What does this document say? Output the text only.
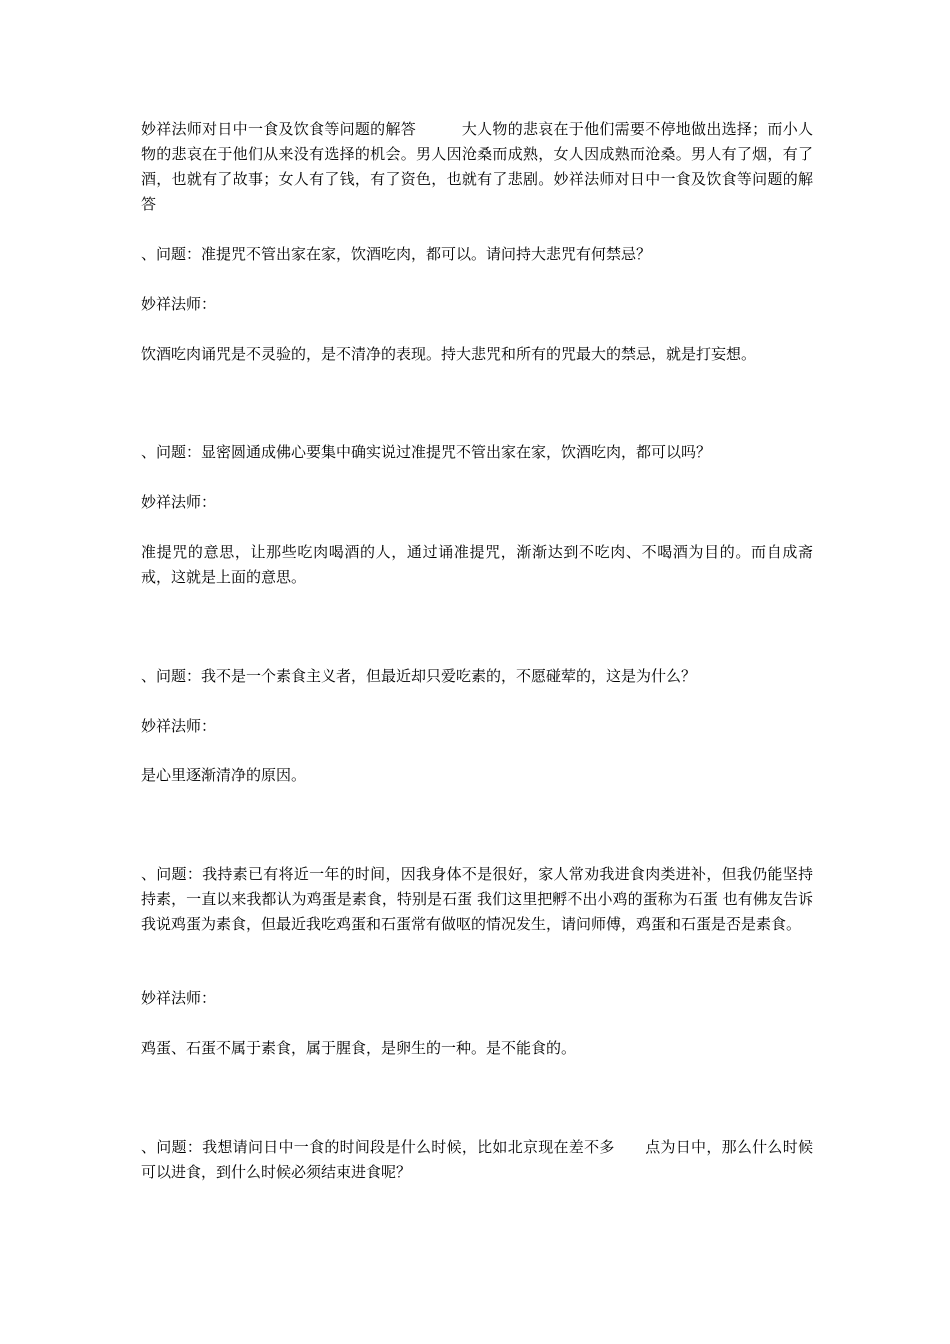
妙祥法师对日中一食及饮食等问题的解答　　　大人物的悲哀在于他们需要不停地做出选择；而小人物的悲哀在于他们从来没有选择的机会。男人因沧桑而成熟，女人因成熟而沧桑。男人有了烟，有了酒，也就有了故事；女人有了钱，有了资色，也就有了悲剧。妙祥法师对日中一食及饮食等问题的解答

、问题：准提咒不管出家在家，饮酒吃肉，都可以。请问持大悲咒有何禁忌？

妙祥法师：

饮酒吃肉诵咒是不灵验的，是不清净的表现。持大悲咒和所有的咒最大的禁忌，就是打妄想。

、问题：显密圆通成佛心要集中确实说过准提咒不管出家在家，饮酒吃肉，都可以吗？

妙祥法师：

准提咒的意思，让那些吃肉喝酒的人，通过诵准提咒，渐渐达到不吃肉、不喝酒为目的。而自成斋戒，这就是上面的意思。

、问题：我不是一个素食主义者，但最近却只爱吃素的，不愿碰荤的，这是为什么？

妙祥法师：

是心里逐渐清净的原因。

、问题：我持素已有将近一年的时间，因我身体不是很好，家人常劝我进食肉类进补，但我仍能坚持持素，一直以来我都认为鸡蛋是素食，特别是石蛋 我们这里把孵不出小鸡的蛋称为石蛋 也有佛友告诉我说鸡蛋为素食，但最近我吃鸡蛋和石蛋常有做呕的情况发生，请问师傅，鸡蛋和石蛋是否是素食。

妙祥法师：

鸡蛋、石蛋不属于素食，属于腥食，是卵生的一种。是不能食的。

、问题：我想请问日中一食的时间段是什么时候，比如北京现在差不多　　点为日中，那么什么时候可以进食，到什么时候必须结束进食呢？
